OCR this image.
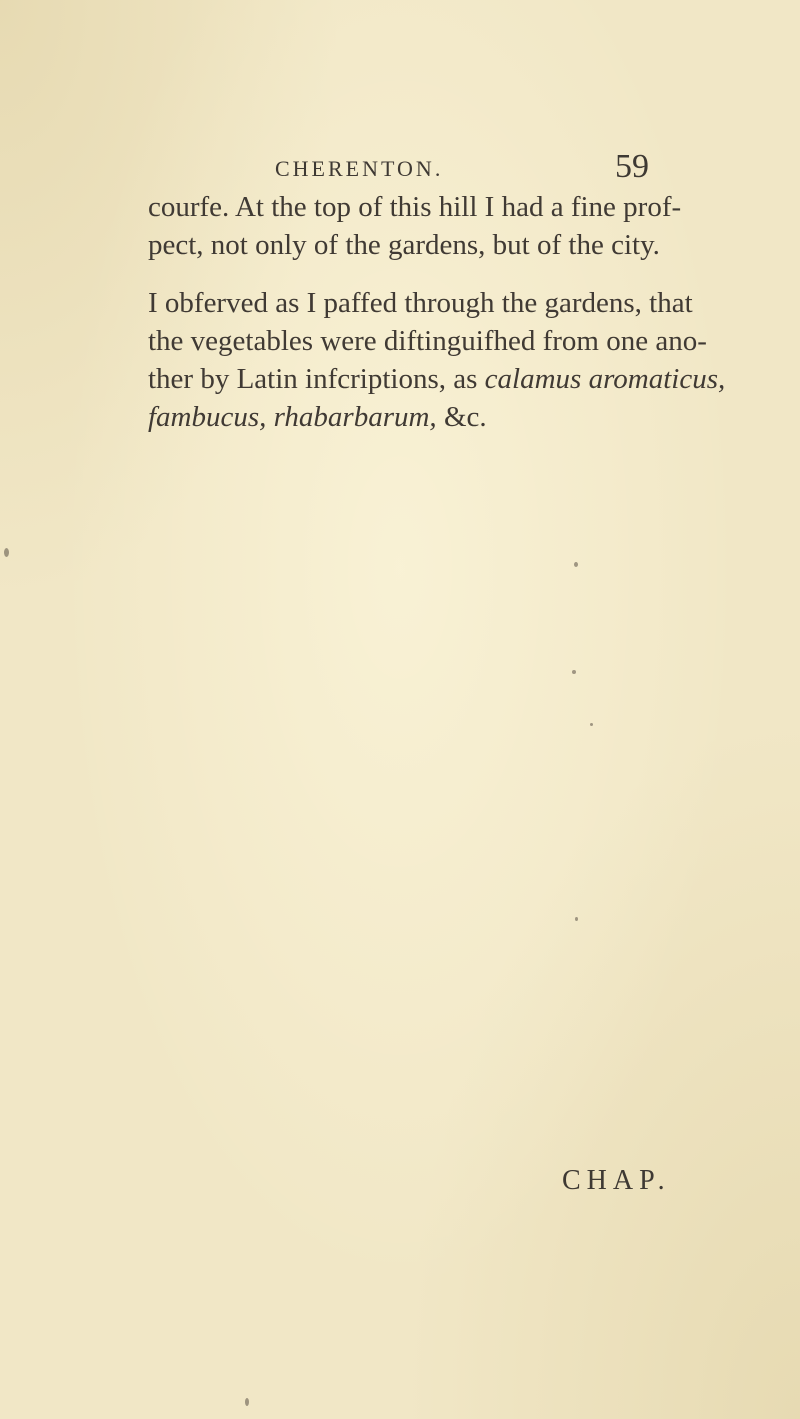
CHERENTON.	59

courfe. At the top of this hill I had a fine prof-
pect, not only of the gardens, but of the city.

I obferved as I paffed through the gardens, that
the vegetables were diftinguifhed from one ano-
ther by Latin infcriptions, as calamus aromaticus,
fambucus, rhabarbarum, &c.

CHAP.
